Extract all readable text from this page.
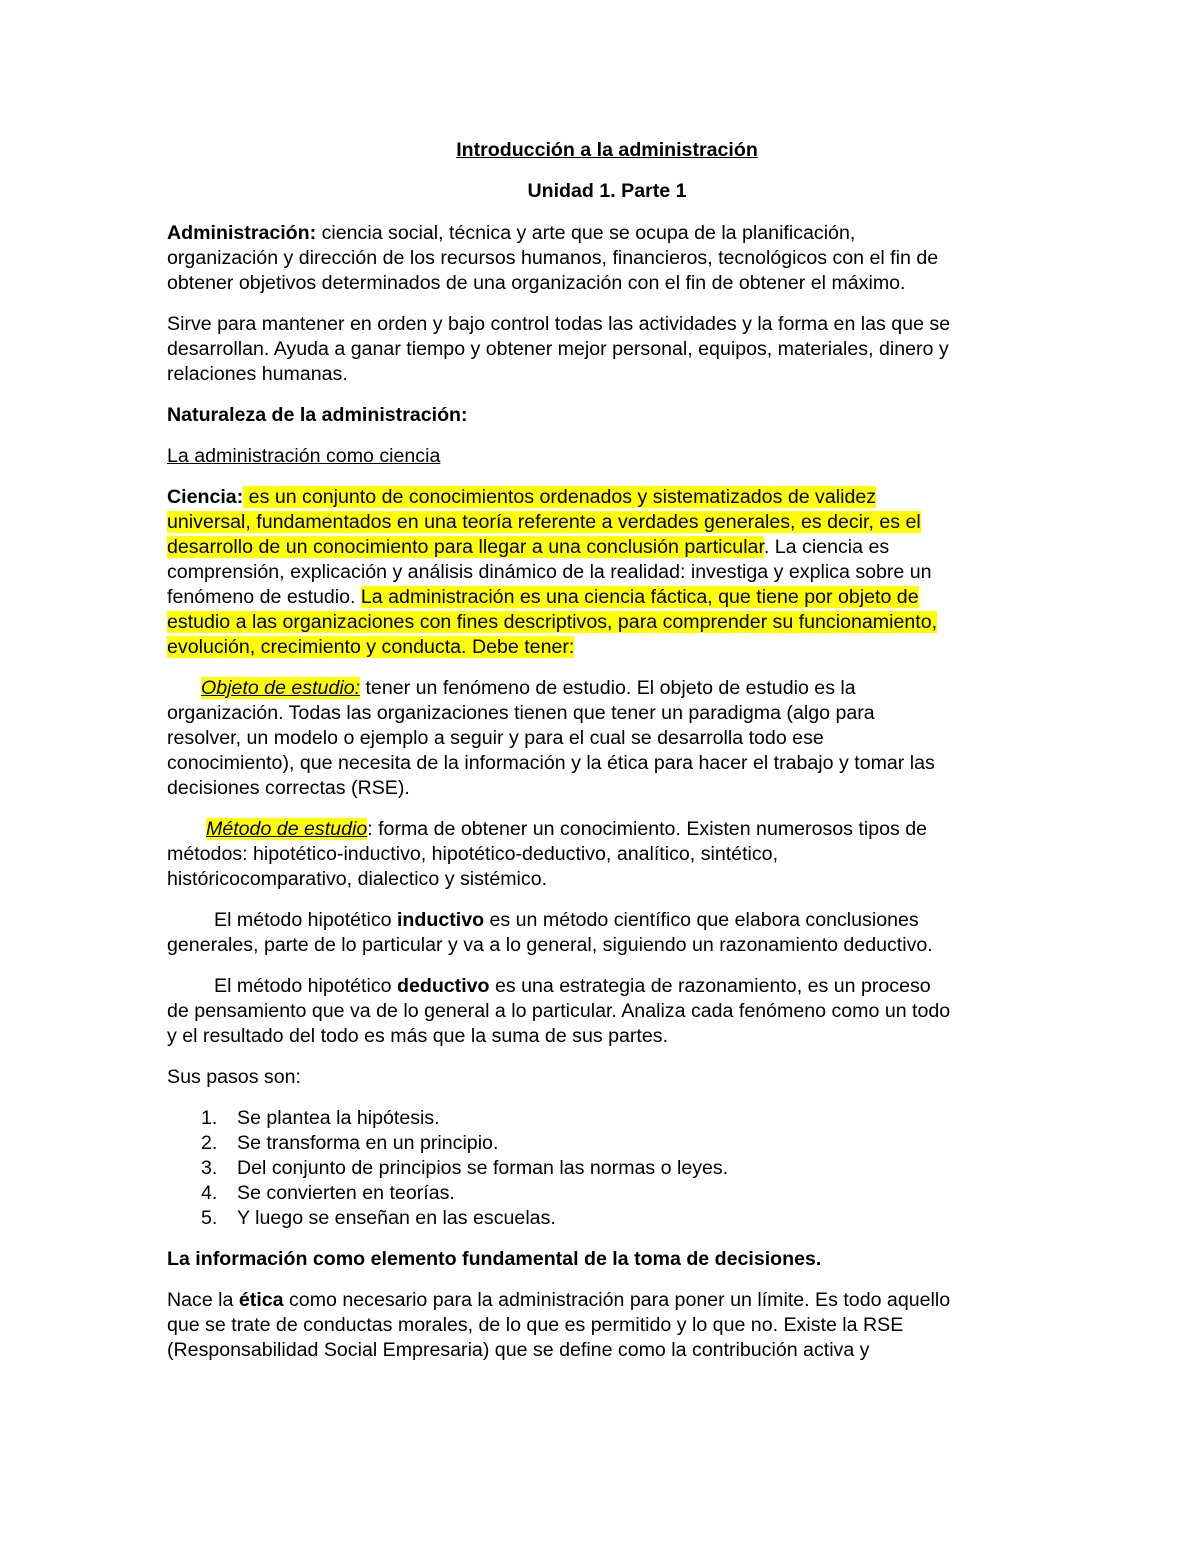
Introducción a la administración

Unidad 1. Parte 1

Administración: ciencia social, técnica y arte que se ocupa de la planificación,
organización y dirección de los recursos humanos, financieros, tecnológicos con el fin de
obtener objetivos determinados de una organización con el fin de obtener el máximo.

Sirve para mantener en orden y bajo control todas las actividades y la forma en las que se
desarrollan. Ayuda a ganar tiempo y obtener mejor personal, equipos, materiales, dinero y
relaciones humanas.

Naturaleza de la administración:

La administración como ciencia

Ciencia: es un conjunto de conocimientos ordenados y sistematizados de validez
universal, fundamentados en una teoría referente a verdades generales, es decir, es el
desarrollo de un conocimiento para llegar a una conclusión particular. La ciencia es
comprensión, explicación y análisis dinámico de la realidad: investiga y explica sobre un
fenómeno de estudio. La administración es una ciencia fáctica, que tiene por objeto de
estudio a las organizaciones con fines descriptivos, para comprender su funcionamiento,
evolución, crecimiento y conducta. Debe tener:

Objeto de estudio: tener un fenómeno de estudio. El objeto de estudio es la
organización. Todas las organizaciones tienen que tener un paradigma (algo para
resolver, un modelo o ejemplo a seguir y para el cual se desarrolla todo ese
conocimiento), que necesita de la información y la ética para hacer el trabajo y tomar las
decisiones correctas (RSE).

Método de estudio: forma de obtener un conocimiento. Existen numerosos tipos de
métodos: hipotético-inductivo, hipotético-deductivo, analítico, sintético,
históricocomparativo, dialectico y sistémico.

El método hipotético inductivo es un método científico que elabora conclusiones
generales, parte de lo particular y va a lo general, siguiendo un razonamiento deductivo.

El método hipotético deductivo es una estrategia de razonamiento, es un proceso
de pensamiento que va de lo general a lo particular. Analiza cada fenómeno como un todo
y el resultado del todo es más que la suma de sus partes.

Sus pasos son:

1.	Se plantea la hipótesis.
2.	Se transforma en un principio.
3.	Del conjunto de principios se forman las normas o leyes.
4.	Se convierten en teorías.
5.	Y luego se enseñan en las escuelas.

La información como elemento fundamental de la toma de decisiones.

Nace la ética como necesario para la administración para poner un límite. Es todo aquello
que se trate de conductas morales, de lo que es permitido y lo que no. Existe la RSE
(Responsabilidad Social Empresaria) que se define como la contribución activa y
